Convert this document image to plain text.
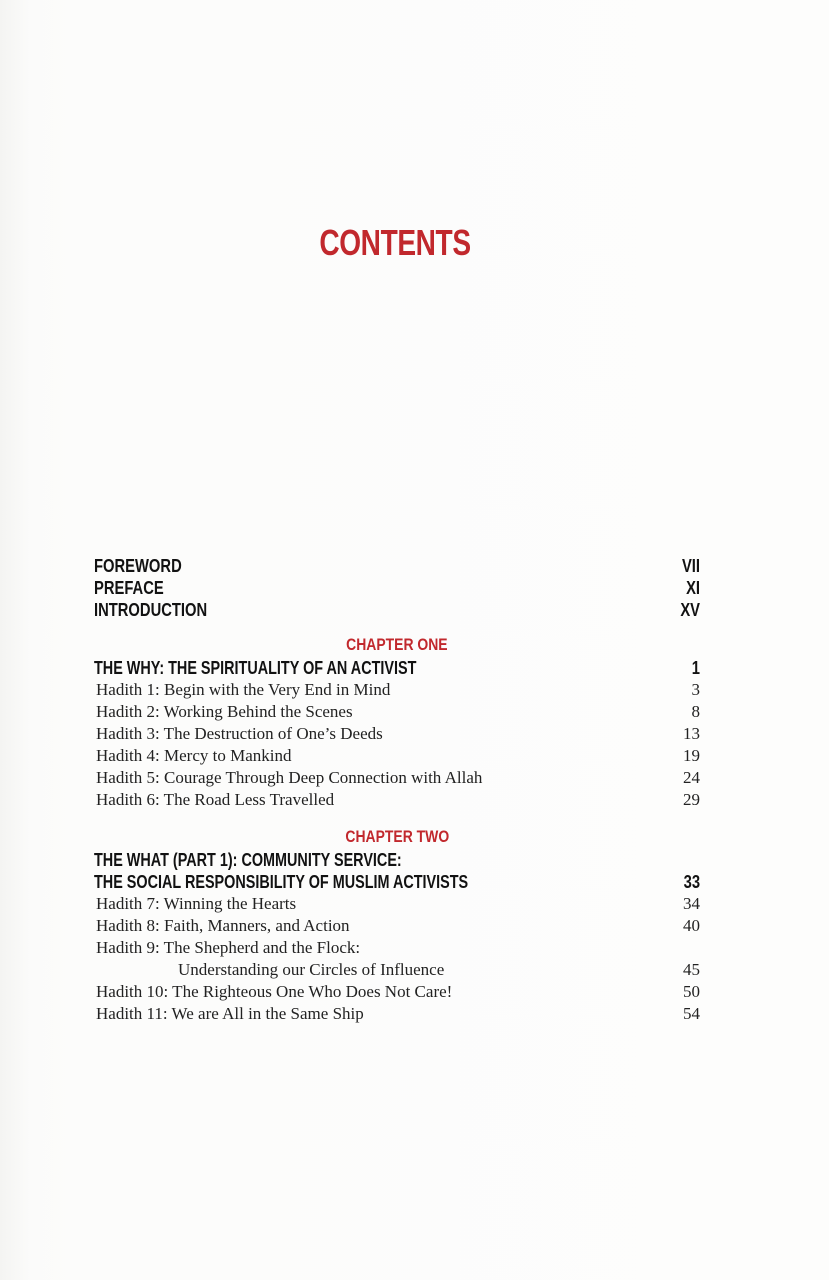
CONTENTS
FOREWORD	VII
PREFACE	XI
INTRODUCTION	XV
CHAPTER ONE
THE WHY: THE SPIRITUALITY OF AN ACTIVIST	1
Hadith 1: Begin with the Very End in Mind	3
Hadith 2: Working Behind the Scenes	8
Hadith 3: The Destruction of One’s Deeds	13
Hadith 4: Mercy to Mankind	19
Hadith 5: Courage Through Deep Connection with Allah	24
Hadith 6: The Road Less Travelled	29
CHAPTER TWO
THE WHAT (PART 1): COMMUNITY SERVICE:
THE SOCIAL RESPONSIBILITY OF MUSLIM ACTIVISTS	33
Hadith 7: Winning the Hearts	34
Hadith 8: Faith, Manners, and Action	40
Hadith 9: The Shepherd and the Flock:
Understanding our Circles of Influence	45
Hadith 10: The Righteous One Who Does Not Care!	50
Hadith 11: We are All in the Same Ship	54
